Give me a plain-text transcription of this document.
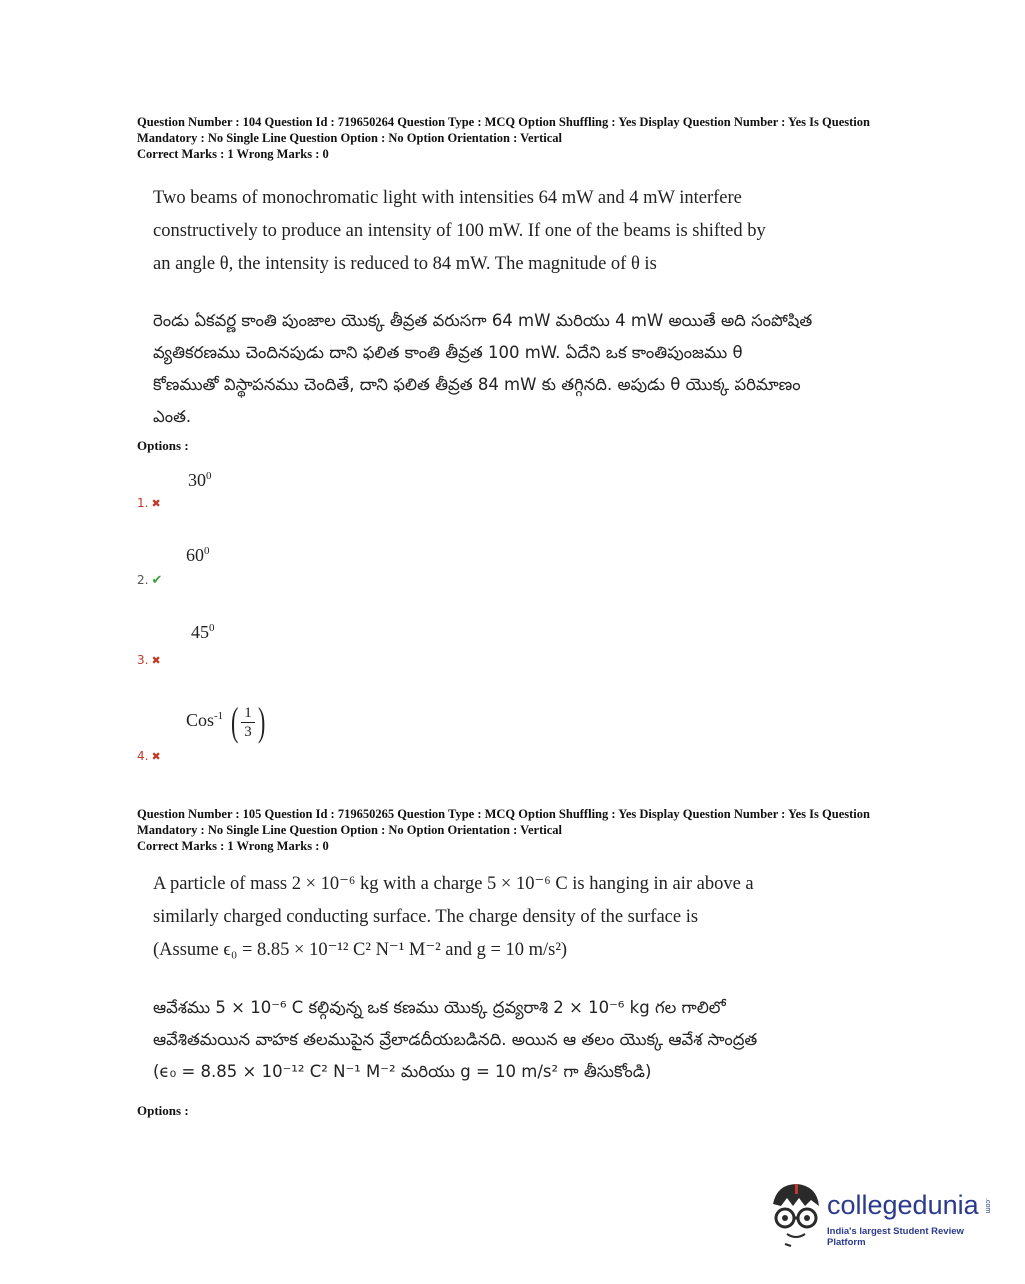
Question Number : 104 Question Id : 719650264 Question Type : MCQ Option Shuffling : Yes Display Question Number : Yes Is Question
Mandatory : No Single Line Question Option : No Option Orientation : Vertical
Correct Marks : 1 Wrong Marks : 0

Two beams of monochromatic light with intensities 64 mW and 4 mW interfere

constructively to produce an intensity of 100 mW. If one of the beams is shifted by

an angle θ, the intensity is reduced to 84 mW. The magnitude of θ is

రెండు ఏకవర్ణ కాంతి పుంజాల యొక్క తీవ్రత వరుసగా 64 mW మరియు 4 mW అయితే అది సంపోషిత

వ్యతికరణము చెందినపుడు దాని ఫలిత కాంతి తీవ్రత 100 mW. ఏదేని ఒక కాంతిపుంజము θ

కోణముతో విస్థాపనము చెందితే, దాని ఫలిత తీవ్రత 84 mW కు తగ్గినది. అపుడు θ యొక్క పరిమాణం

ఎంత.

Options :
$30^0$
1. ✖
$60^0$
2. ✔
$45^0$
3. ✖
Cos$^{-1}$ ( 1
3 )
4. ✖
Question Number : 105 Question Id : 719650265 Question Type : MCQ Option Shuffling : Yes Display Question Number : Yes Is Question
Mandatory : No Single Line Question Option : No Option Orientation : Vertical
Correct Marks : 1 Wrong Marks : 0

A particle of mass 2 × 10⁻⁶ kg with a charge 5 × 10⁻⁶ C is hanging in air above a

similarly charged conducting surface. The charge density of the surface is

(Assume ϵ₀ = 8.85 × 10⁻¹² C² N⁻¹ M⁻² and g = 10 m/s²)

ఆవేశము 5 × 10⁻⁶ C కల్గివున్న ఒక కణము యొక్క ద్రవ్యరాశి 2 × 10⁻⁶ kg గల గాలిలో

ఆవేశితమయిన వాహక తలముపైన వ్రేలాడదీయబడినది. అయిన ఆ తలం యొక్క ఆవేశ సాంద్రత

(ϵ₀ = 8.85 × 10⁻¹² C² N⁻¹ M⁻² మరియు g = 10 m/s² గా తీసుకోండి)

Options :
collegedunia .com
India's largest Student Review Platform
